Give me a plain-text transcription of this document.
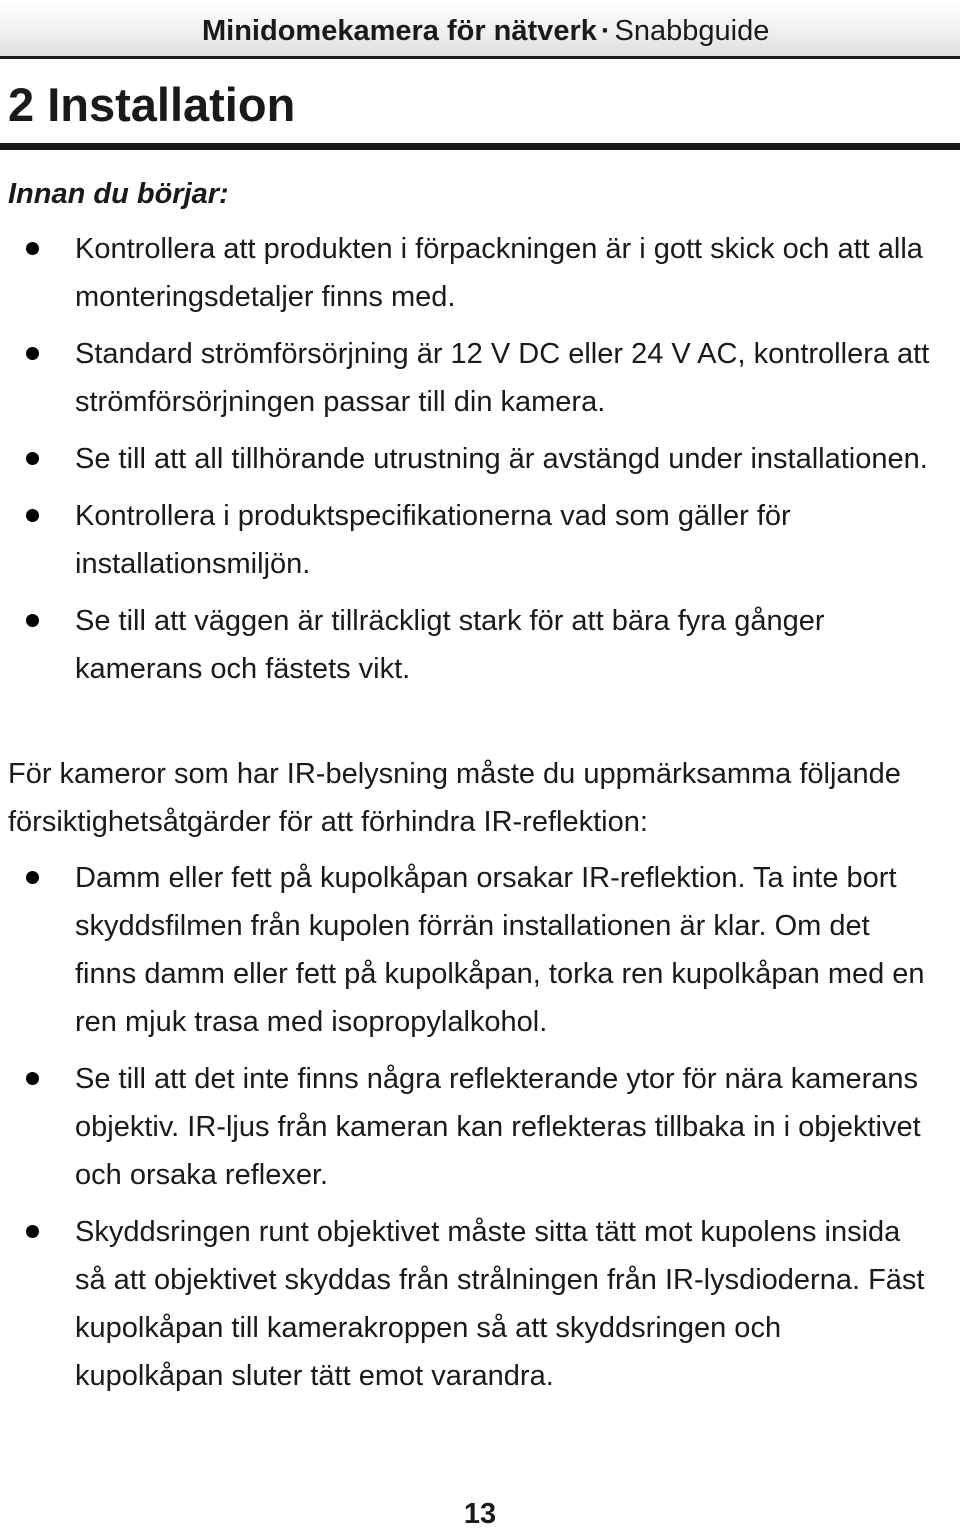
Minidomekamera för nätverk · Snabbguide
2 Installation
Innan du börjar:
Kontrollera att produkten i förpackningen är i gott skick och att alla monteringsdetaljer finns med.
Standard strömförsörjning är 12 V DC eller 24 V AC, kontrollera att strömförsörjningen passar till din kamera.
Se till att all tillhörande utrustning är avstängd under installationen.
Kontrollera i produktspecifikationerna vad som gäller för installationsmiljön.
Se till att väggen är tillräckligt stark för att bära fyra gånger kamerans och fästets vikt.

För kameror som har IR-belysning måste du uppmärksamma följande försiktighetsåtgärder för att förhindra IR-reflektion:

Damm eller fett på kupolkåpan orsakar IR-reflektion. Ta inte bort skyddsfilmen från kupolen förrän installationen är klar. Om det finns damm eller fett på kupolkåpan, torka ren kupolkåpan med en ren mjuk trasa med isopropylalkohol.
Se till att det inte finns några reflekterande ytor för nära kamerans objektiv. IR-ljus från kameran kan reflekteras tillbaka in i objektivet och orsaka reflexer.
Skyddsringen runt objektivet måste sitta tätt mot kupolens insida så att objektivet skyddas från strålningen från IR-lysdioderna. Fäst kupolkåpan till kamerakroppen så att skyddsringen och kupolkåpan sluter tätt emot varandra.
13
